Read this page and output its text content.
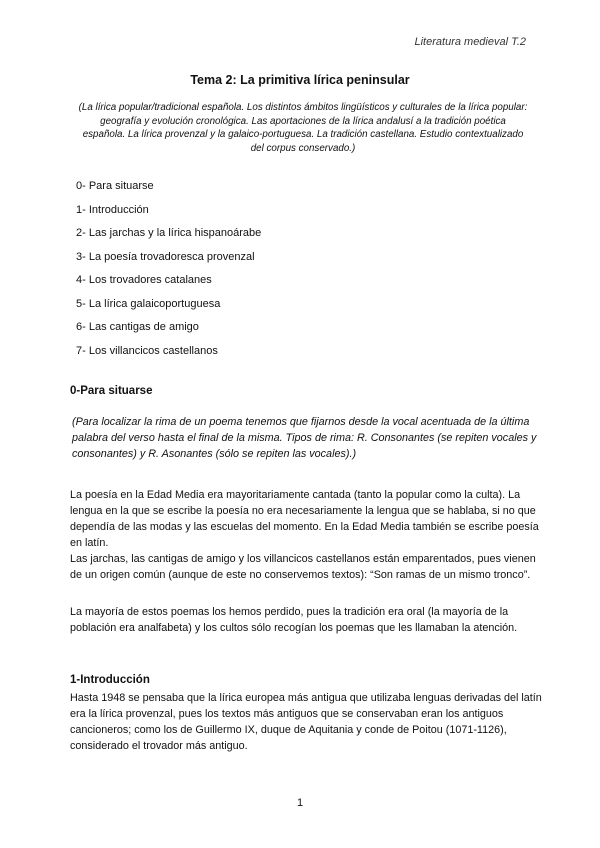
Literatura medieval T.2
Tema 2: La primitiva lírica peninsular
(La lírica popular/tradicional española. Los distintos ámbitos lingüísticos y culturales de la lírica popular: geografía y evolución cronológica. Las aportaciones de la lírica andalusí a la tradición poética española. La lírica provenzal y la galaico-portuguesa. La tradición castellana. Estudio contextualizado del corpus conservado.)
0- Para situarse
1- Introducción
2- Las jarchas y la lírica hispanoárabe
3- La poesía trovadoresca provenzal
4- Los trovadores catalanes
5- La lírica galaicoportuguesa
6- Las cantigas de amigo
7- Los villancicos castellanos
0-Para situarse
(Para localizar la rima de un poema tenemos que fijarnos desde la vocal acentuada de la última palabra del verso hasta el final de la misma. Tipos de rima: R. Consonantes (se repiten vocales y consonantes) y R. Asonantes (sólo se repiten las vocales).)
La poesía en la Edad Media era mayoritariamente cantada (tanto la popular como la culta). La lengua en la que se escribe la poesía no era necesariamente la lengua que se hablaba, si no que dependía de las modas y las escuelas del momento. En la Edad Media también se escribe poesía en latín.
Las jarchas, las cantigas de amigo y los villancicos castellanos están emparentados, pues vienen de un origen común (aunque de este no conservemos textos): “Son ramas de un mismo tronco”.
La mayoría de estos poemas los hemos perdido, pues la tradición era oral (la mayoría de la población era analfabeta) y los cultos sólo recogían los poemas que les llamaban la atención.
1-Introducción
Hasta 1948 se pensaba que la lírica europea más antigua que utilizaba lenguas derivadas del latín era la lírica provenzal, pues los textos más antiguos que se conservaban eran los antiguos cancioneros; como los de Guillermo IX, duque de Aquitania y conde de Poitou (1071-1126), considerado el trovador más antiguo.
1
